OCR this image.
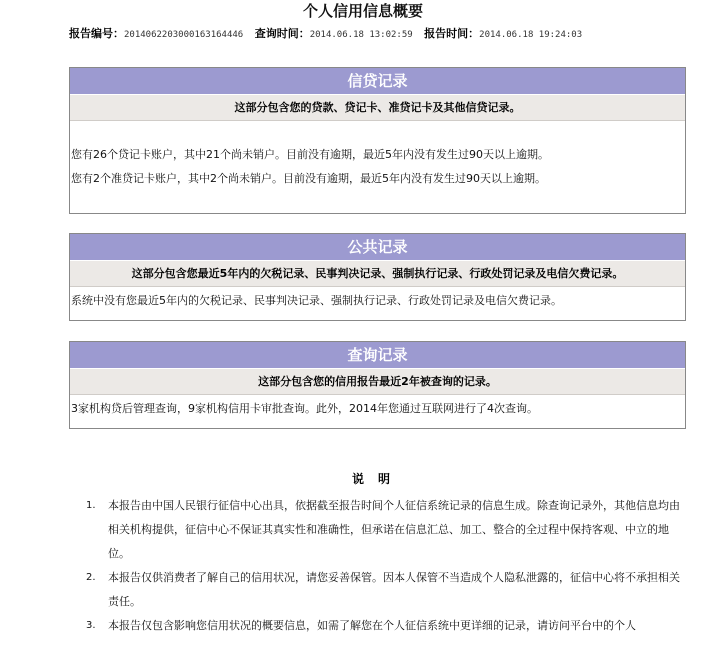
个人信用信息概要
报告编号：2014062203000163164446 查询时间：2014.06.18 13:02:59 报告时间：2014.06.18 19:24:03
信贷记录
这部分包含您的贷款、贷记卡、准贷记卡及其他信贷记录。
您有26个贷记卡账户，其中21个尚未销户。目前没有逾期，最近5年内没有发生过90天以上逾期。
您有2个准贷记卡账户，其中2个尚未销户。目前没有逾期，最近5年内没有发生过90天以上逾期。
公共记录
这部分包含您最近5年内的欠税记录、民事判决记录、强制执行记录、行政处罚记录及电信欠费记录。
系统中没有您最近5年内的欠税记录、民事判决记录、强制执行记录、行政处罚记录及电信欠费记录。
查询记录
这部分包含您的信用报告最近2年被查询的记录。
3家机构贷后管理查询，9家机构信用卡审批查询。此外，2014年您通过互联网进行了4次查询。
说明
1. 本报告由中国人民银行征信中心出具，依据截至报告时间个人征信系统记录的信息生成。除查询记录外，其他信息均由相关机构提供，征信中心不保证其真实性和准确性，但承诺在信息汇总、加工、整合的全过程中保持客观、中立的地位。
2. 本报告仅供消费者了解自己的信用状况，请您妥善保管。因本人保管不当造成个人隐私泄露的，征信中心将不承担相关责任。
3. 本报告仅包含影响您信用状况的概要信息，如需了解您在个人征信系统中更详细的记录，请访问平台中的个人
